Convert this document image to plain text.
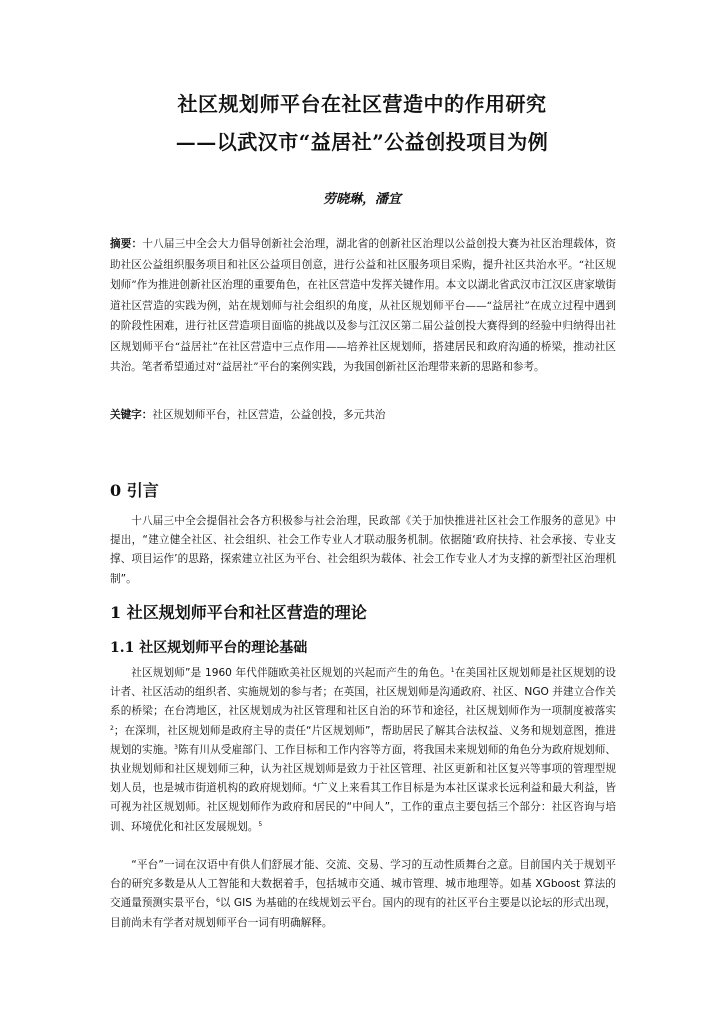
社区规划师平台在社区营造中的作用研究
——以武汉市“益居社”公益创投项目为例
劳晓琳，潘宜
摘要：十八届三中全会大力倡导创新社会治理，湖北省的创新社区治理以公益创投大赛为社区治理载体，资助社区公益组织服务项目和社区公益项目创意，进行公益和社区服务项目采购，提升社区共治水平。“社区规划师”作为推进创新社区治理的重要角色，在社区营造中发挥关键作用。本文以湖北省武汉市江汉区唐家墩街道社区营造的实践为例，站在规划师与社会组织的角度，从社区规划师平台——“益居社”在成立过程中遇到的阶段性困难，进行社区营造项目面临的挑战以及参与江汉区第二届公益创投大赛得到的经验中归纳得出社区规划师平台“益居社”在社区营造中三点作用——培养社区规划师，搭建居民和政府沟通的桥梁，推动社区共治。笔者希望通过对“益居社”平台的案例实践，为我国创新社区治理带来新的思路和参考。
关键字：社区规划师平台，社区营造，公益创投，多元共治
0 引言
十八届三中全会提倡社会各方积极参与社会治理，民政部《关于加快推进社区社会工作服务的意见》中提出，“建立健全社区、社会组织、社会工作专业人才联动服务机制。依据随‘政府扶持、社会承接、专业支撑、项目运作’的思路，探索建立社区为平台、社会组织为载体、社会工作专业人才为支撑的新型社区治理机制”。
1 社区规划师平台和社区营造的理论
1.1 社区规划师平台的理论基础
社区规划师”是 1960 年代伴随欧美社区规划的兴起而产生的角色。$^1$在美国社区规划师是社区规划的设计者、社区活动的组织者、实施规划的参与者；在英国，社区规划师是沟通政府、社区、NGO 并建立合作关系的桥梁；在台湾地区，社区规划成为社区管理和社区自治的环节和途径，社区规划师作为一项制度被落实$^2$；在深圳，社区规划师是政府主导的责任“片区规划师”，帮助居民了解其合法权益、义务和规划意图，推进规划的实施。$^3$陈有川从受雇部门、工作目标和工作内容等方面，将我国未来规划师的角色分为政府规划师、执业规划师和社区规划师三种，认为社区规划师是致力于社区管理、社区更新和社区复兴等事项的管理型规划人员，也是城市街道机构的政府规划师。$^4$广义上来看其工作目标是为本社区谋求长远利益和最大利益，皆可视为社区规划师。社区规划师作为政府和居民的“中间人”，工作的重点主要包括三个部分：社区咨询与培训、环境优化和社区发展规划。$^5$
“平台”一词在汉语中有供人们舒展才能、交流、交易、学习的互动性质舞台之意。目前国内关于规划平台的研究多数是从人工智能和大数据着手，包括城市交通、城市管理、城市地理等。如基 XGboost 算法的交通量预测实景平台，$^6$以 GIS 为基础的在线规划云平台。国内的现有的社区平台主要是以论坛的形式出现，目前尚未有学者对规划师平台一词有明确解释。
